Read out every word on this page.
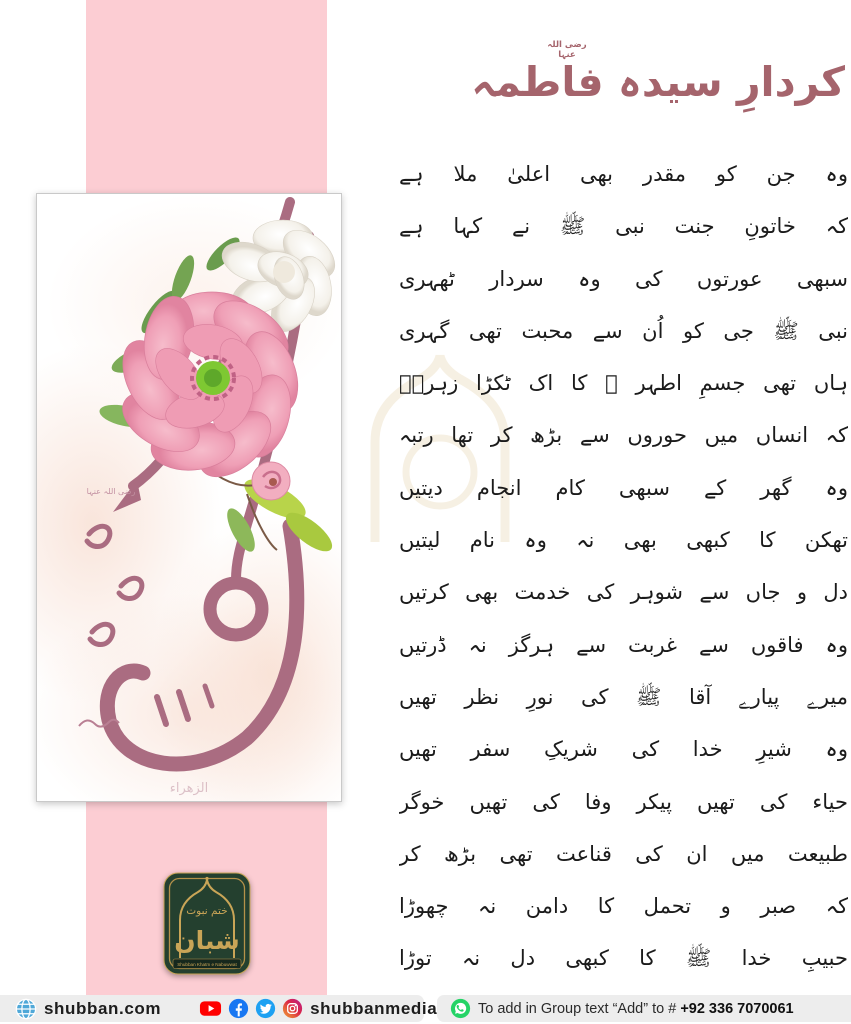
رضی اللہ عنہا
کردارِ سیدہ فاطمہ
وہ جن کو مقدر بھی اعلیٰ ملا ہے
کہ خاتونِ جنت نبی ﷺ نے کہا ہے
سبھی عورتوں کی وہ سردار ٹھہری
نبی ﷺ جی کو اُن سے محبت تھی گہری
ہاں تھی جسمِ اطہر ﷺ کا اک ٹکڑا زہرہؓ
کہ انساں میں حوروں سے بڑھ کر تھا رتبہ
وہ گھر کے سبھی کام انجام دیتیں
تھکن کا کبھی بھی نہ وہ نام لیتیں
دل و جاں سے شوہر کی خدمت بھی کرتیں
وہ فاقوں سے غربت سے ہرگز نہ ڈرتیں
میرے پیارے آقا ﷺ کی نورِ نظر تھیں
وہ شیرِ خدا کی شریکِ سفر تھیں
حیاء کی تھیں پیکر وفا کی تھیں خوگر
طبیعت میں ان کی قناعت تھی بڑھ کر
کہ صبر و تحمل کا دامن نہ چھوڑا
حبیبِ خدا ﷺ کا کبھی دل نہ توڑا
رضی اللہ عنہا
الزهراء
ختم نبوت
شبان
Shubban Khatm e Nabuwwat
shubban.com	shubbanmedia	To add in Group text “Add” to # +92 336 7070061
